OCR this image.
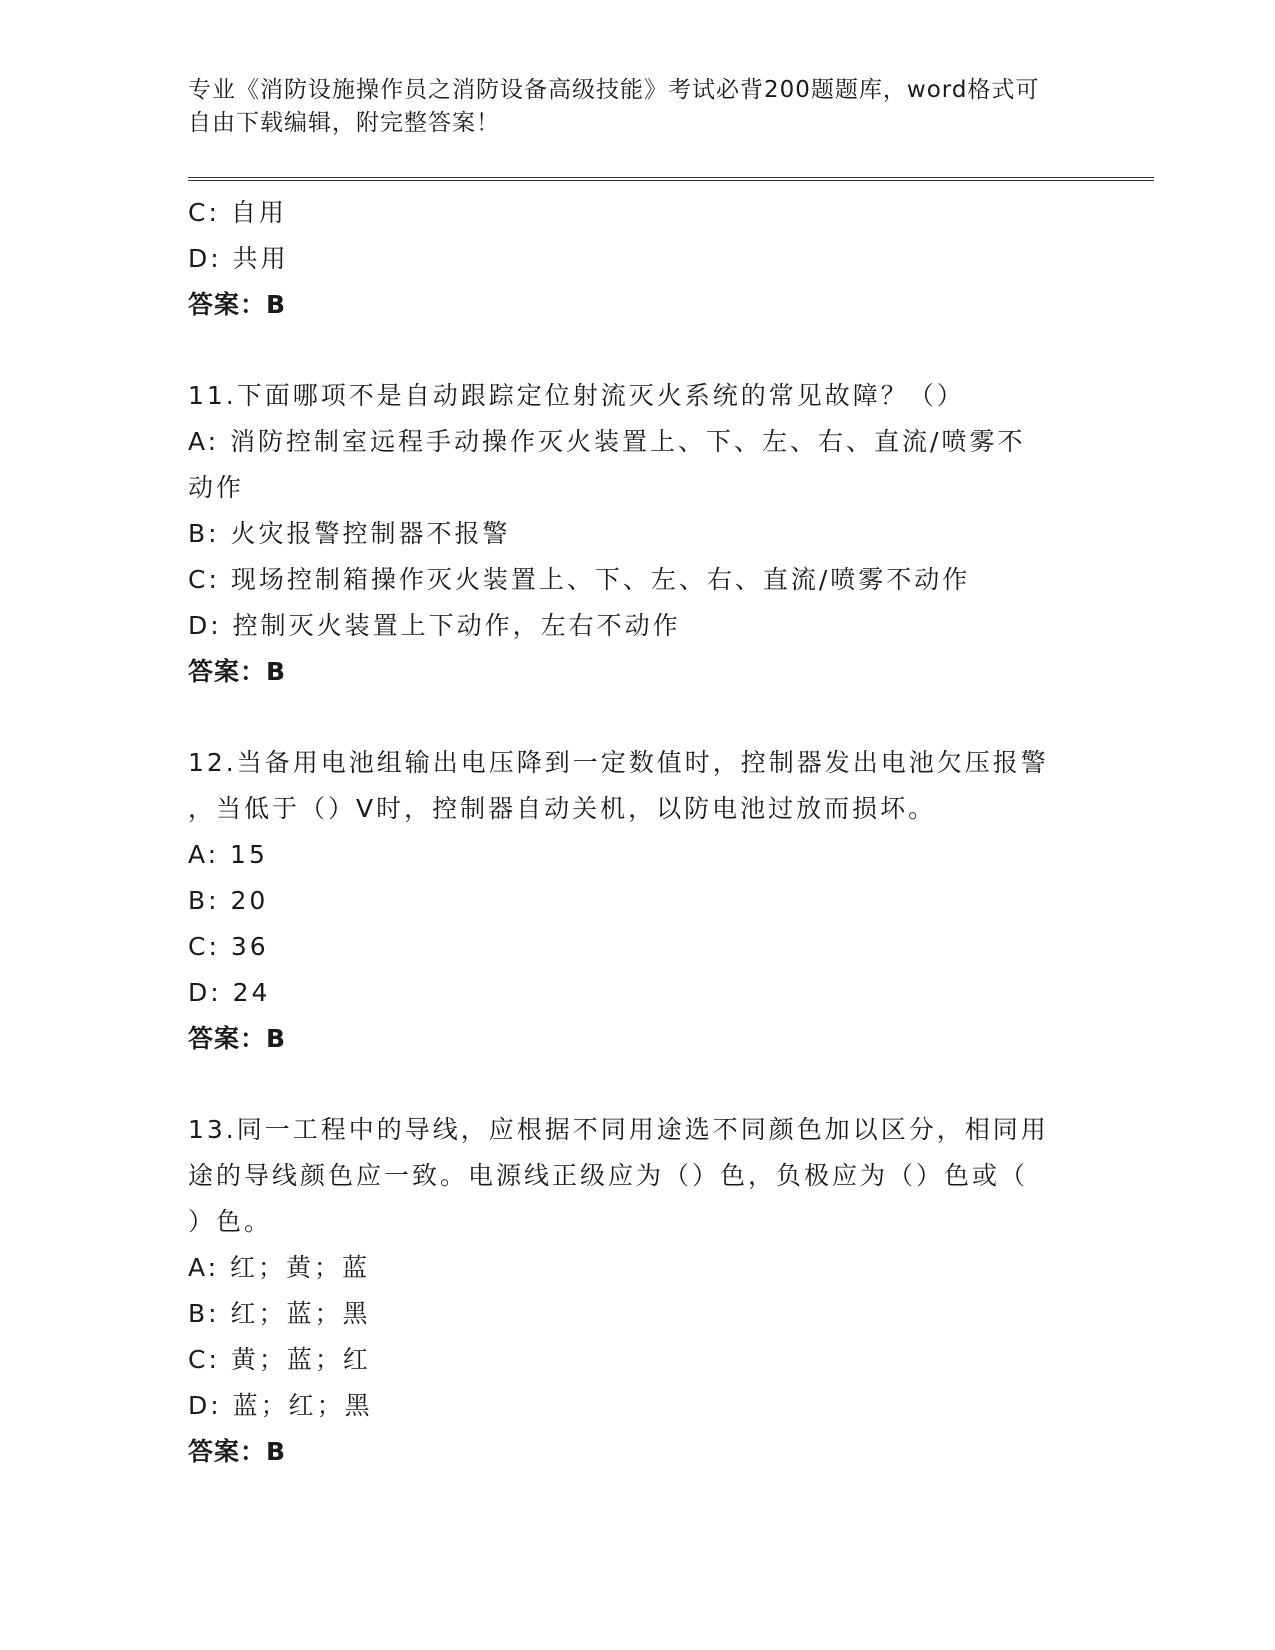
专业《消防设施操作员之消防设备高级技能》考试必背200题题库，word格式可
自由下载编辑，附完整答案！
C: 自用
D: 共用
答案：B
11.下面哪项不是自动跟踪定位射流灭火系统的常见故障？（）
A: 消防控制室远程手动操作灭火装置上、下、左、右、直流/喷雾不
动作
B: 火灾报警控制器不报警
C: 现场控制箱操作灭火装置上、下、左、右、直流/喷雾不动作
D: 控制灭火装置上下动作，左右不动作
答案：B
12.当备用电池组输出电压降到一定数值时，控制器发出电池欠压报警
，当低于（）V时，控制器自动关机，以防电池过放而损坏。
A: 15
B: 20
C: 36
D: 24
答案：B
13.同一工程中的导线，应根据不同用途选不同颜色加以区分，相同用
途的导线颜色应一致。电源线正级应为（）色，负极应为（）色或（
）色。
A: 红；黄；蓝
B: 红；蓝；黑
C: 黄；蓝；红
D: 蓝；红；黑
答案：B
